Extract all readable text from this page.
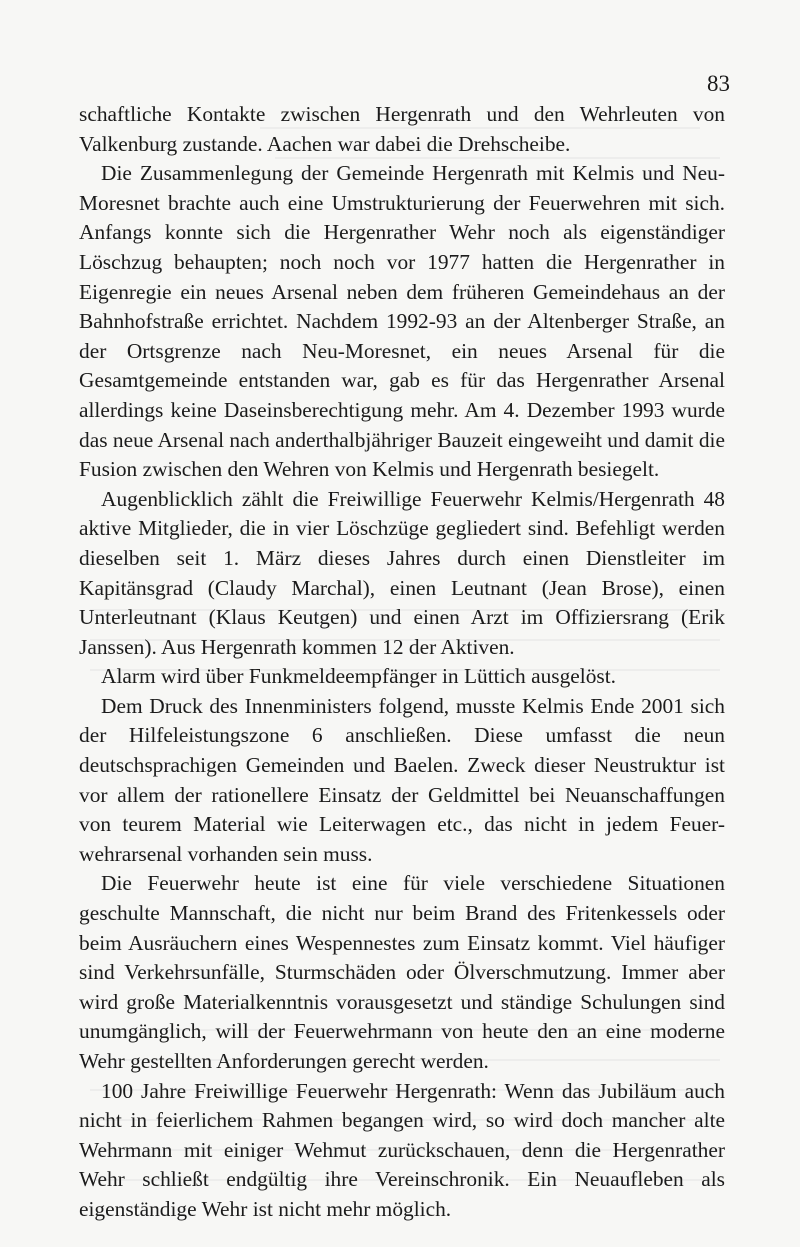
83

schaftliche Kontakte zwischen Hergenrath und den Wehrleuten von Valkenburg zustande. Aachen war dabei die Drehscheibe.

Die Zusammenlegung der Gemeinde Hergenrath mit Kelmis und Neu-Moresnet brachte auch eine Umstrukturierung der Feuerwehren mit sich. Anfangs konnte sich die Hergenrather Wehr noch als eigenständiger Löschzug behaupten; noch noch vor 1977 hatten die Hergenrather in Eigenregie ein neues Arsenal neben dem früheren Gemeindehaus an der Bahnhofstraße errichtet. Nachdem 1992-93 an der Altenberger Straße, an der Ortsgrenze nach Neu-Moresnet, ein neues Arsenal für die Gesamtgemeinde entstanden war, gab es für das Hergenrather Arsenal allerdings keine Daseinsberechtigung mehr. Am 4. Dezember 1993 wurde das neue Arsenal nach anderthalbjähriger Bauzeit eingeweiht und damit die Fusion zwischen den Wehren von Kelmis und Hergenrath besiegelt.

Augenblicklich zählt die Freiwillige Feuerwehr Kelmis/Hergenrath 48 aktive Mitglieder, die in vier Löschzüge gegliedert sind. Befehligt werden dieselben seit 1. März dieses Jahres durch einen Dienstleiter im Kapitänsgrad (Claudy Marchal), einen Leutnant (Jean Brose), einen Unterleutnant (Klaus Keutgen) und einen Arzt im Offiziersrang (Erik Janssen). Aus Hergenrath kommen 12 der Aktiven.

Alarm wird über Funkmeldeempfänger in Lüttich ausgelöst.

Dem Druck des Innenministers folgend, musste Kelmis Ende 2001 sich der Hilfeleistungszone 6 anschließen. Diese umfasst die neun deutschsprachigen Gemeinden und Baelen. Zweck dieser Neustruktur ist vor allem der rationellere Einsatz der Geldmittel bei Neuanschaffungen von teurem Material wie Leiterwagen etc., das nicht in jedem Feuer-wehrarsenal vorhanden sein muss.

Die Feuerwehr heute ist eine für viele verschiedene Situationen geschulte Mannschaft, die nicht nur beim Brand des Fritenkessels oder beim Ausräuchern eines Wespennestes zum Einsatz kommt. Viel häufiger sind Verkehrsunfälle, Sturmschäden oder Ölverschmutzung. Immer aber wird große Materialkenntnis vorausgesetzt und ständige Schulungen sind unumgänglich, will der Feuerwehrmann von heute den an eine moderne Wehr gestellten Anforderungen gerecht werden.

100 Jahre Freiwillige Feuerwehr Hergenrath: Wenn das Jubiläum auch nicht in feierlichem Rahmen begangen wird, so wird doch mancher alte Wehrmann mit einiger Wehmut zurückschauen, denn die Hergenrather Wehr schließt endgültig ihre Vereinschronik. Ein Neuaufleben als eigenständige Wehr ist nicht mehr möglich.
